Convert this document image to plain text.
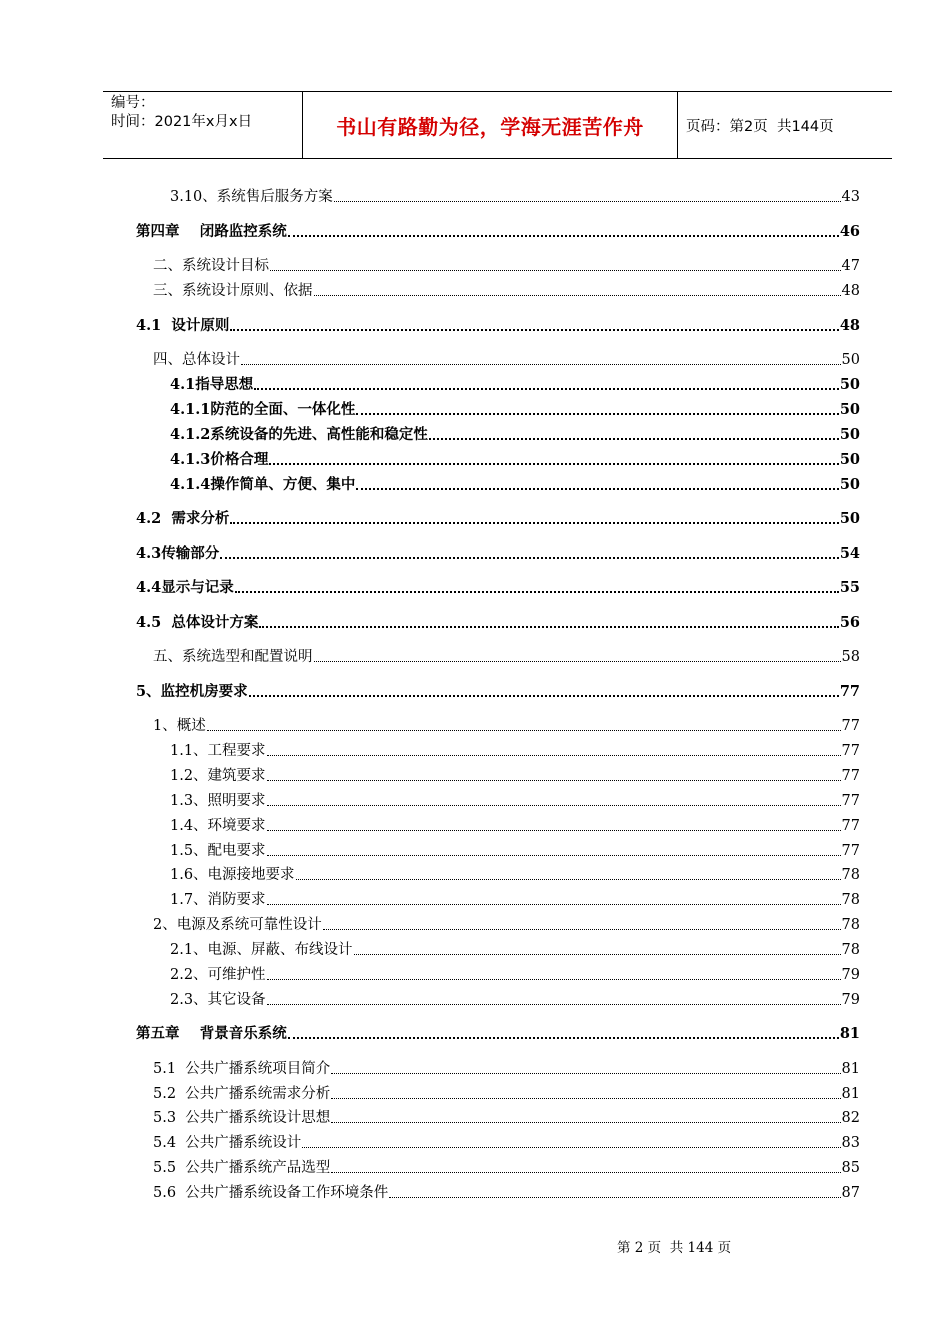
编号：
时间：2021年x月x日	书山有路勤为径，学海无涯苦作舟	页码：第2页  共144页
3.10、系统售后服务方案	43
第四章    闭路监控系统	46
二、系统设计目标	47
三、系统设计原则、依据	48
4.1  设计原则	48
四、总体设计	50
4.1指导思想	50
4.1.1防范的全面、一体化性	50
4.1.2系统设备的先进、高性能和稳定性	50
4.1.3价格合理	50
4.1.4操作简单、方便、集中	50
4.2  需求分析	50
4.3传输部分	54
4.4显示与记录	55
4.5  总体设计方案	56
五、系统选型和配置说明	58
5、监控机房要求	77
1、概述	77
1.1、工程要求	77
1.2、建筑要求	77
1.3、照明要求	77
1.4、环境要求	77
1.5、配电要求	77
1.6、电源接地要求	78
1.7、消防要求	78
2、电源及系统可靠性设计	78
2.1、电源、屏蔽、布线设计	78
2.2、可维护性	79
2.3、其它设备	79
第五章    背景音乐系统	81
5.1  公共广播系统项目简介	81
5.2  公共广播系统需求分析	81
5.3  公共广播系统设计思想	82
5.4  公共广播系统设计	83
5.5  公共广播系统产品选型	85
5.6  公共广播系统设备工作环境条件	87
第 2 页  共 144 页
